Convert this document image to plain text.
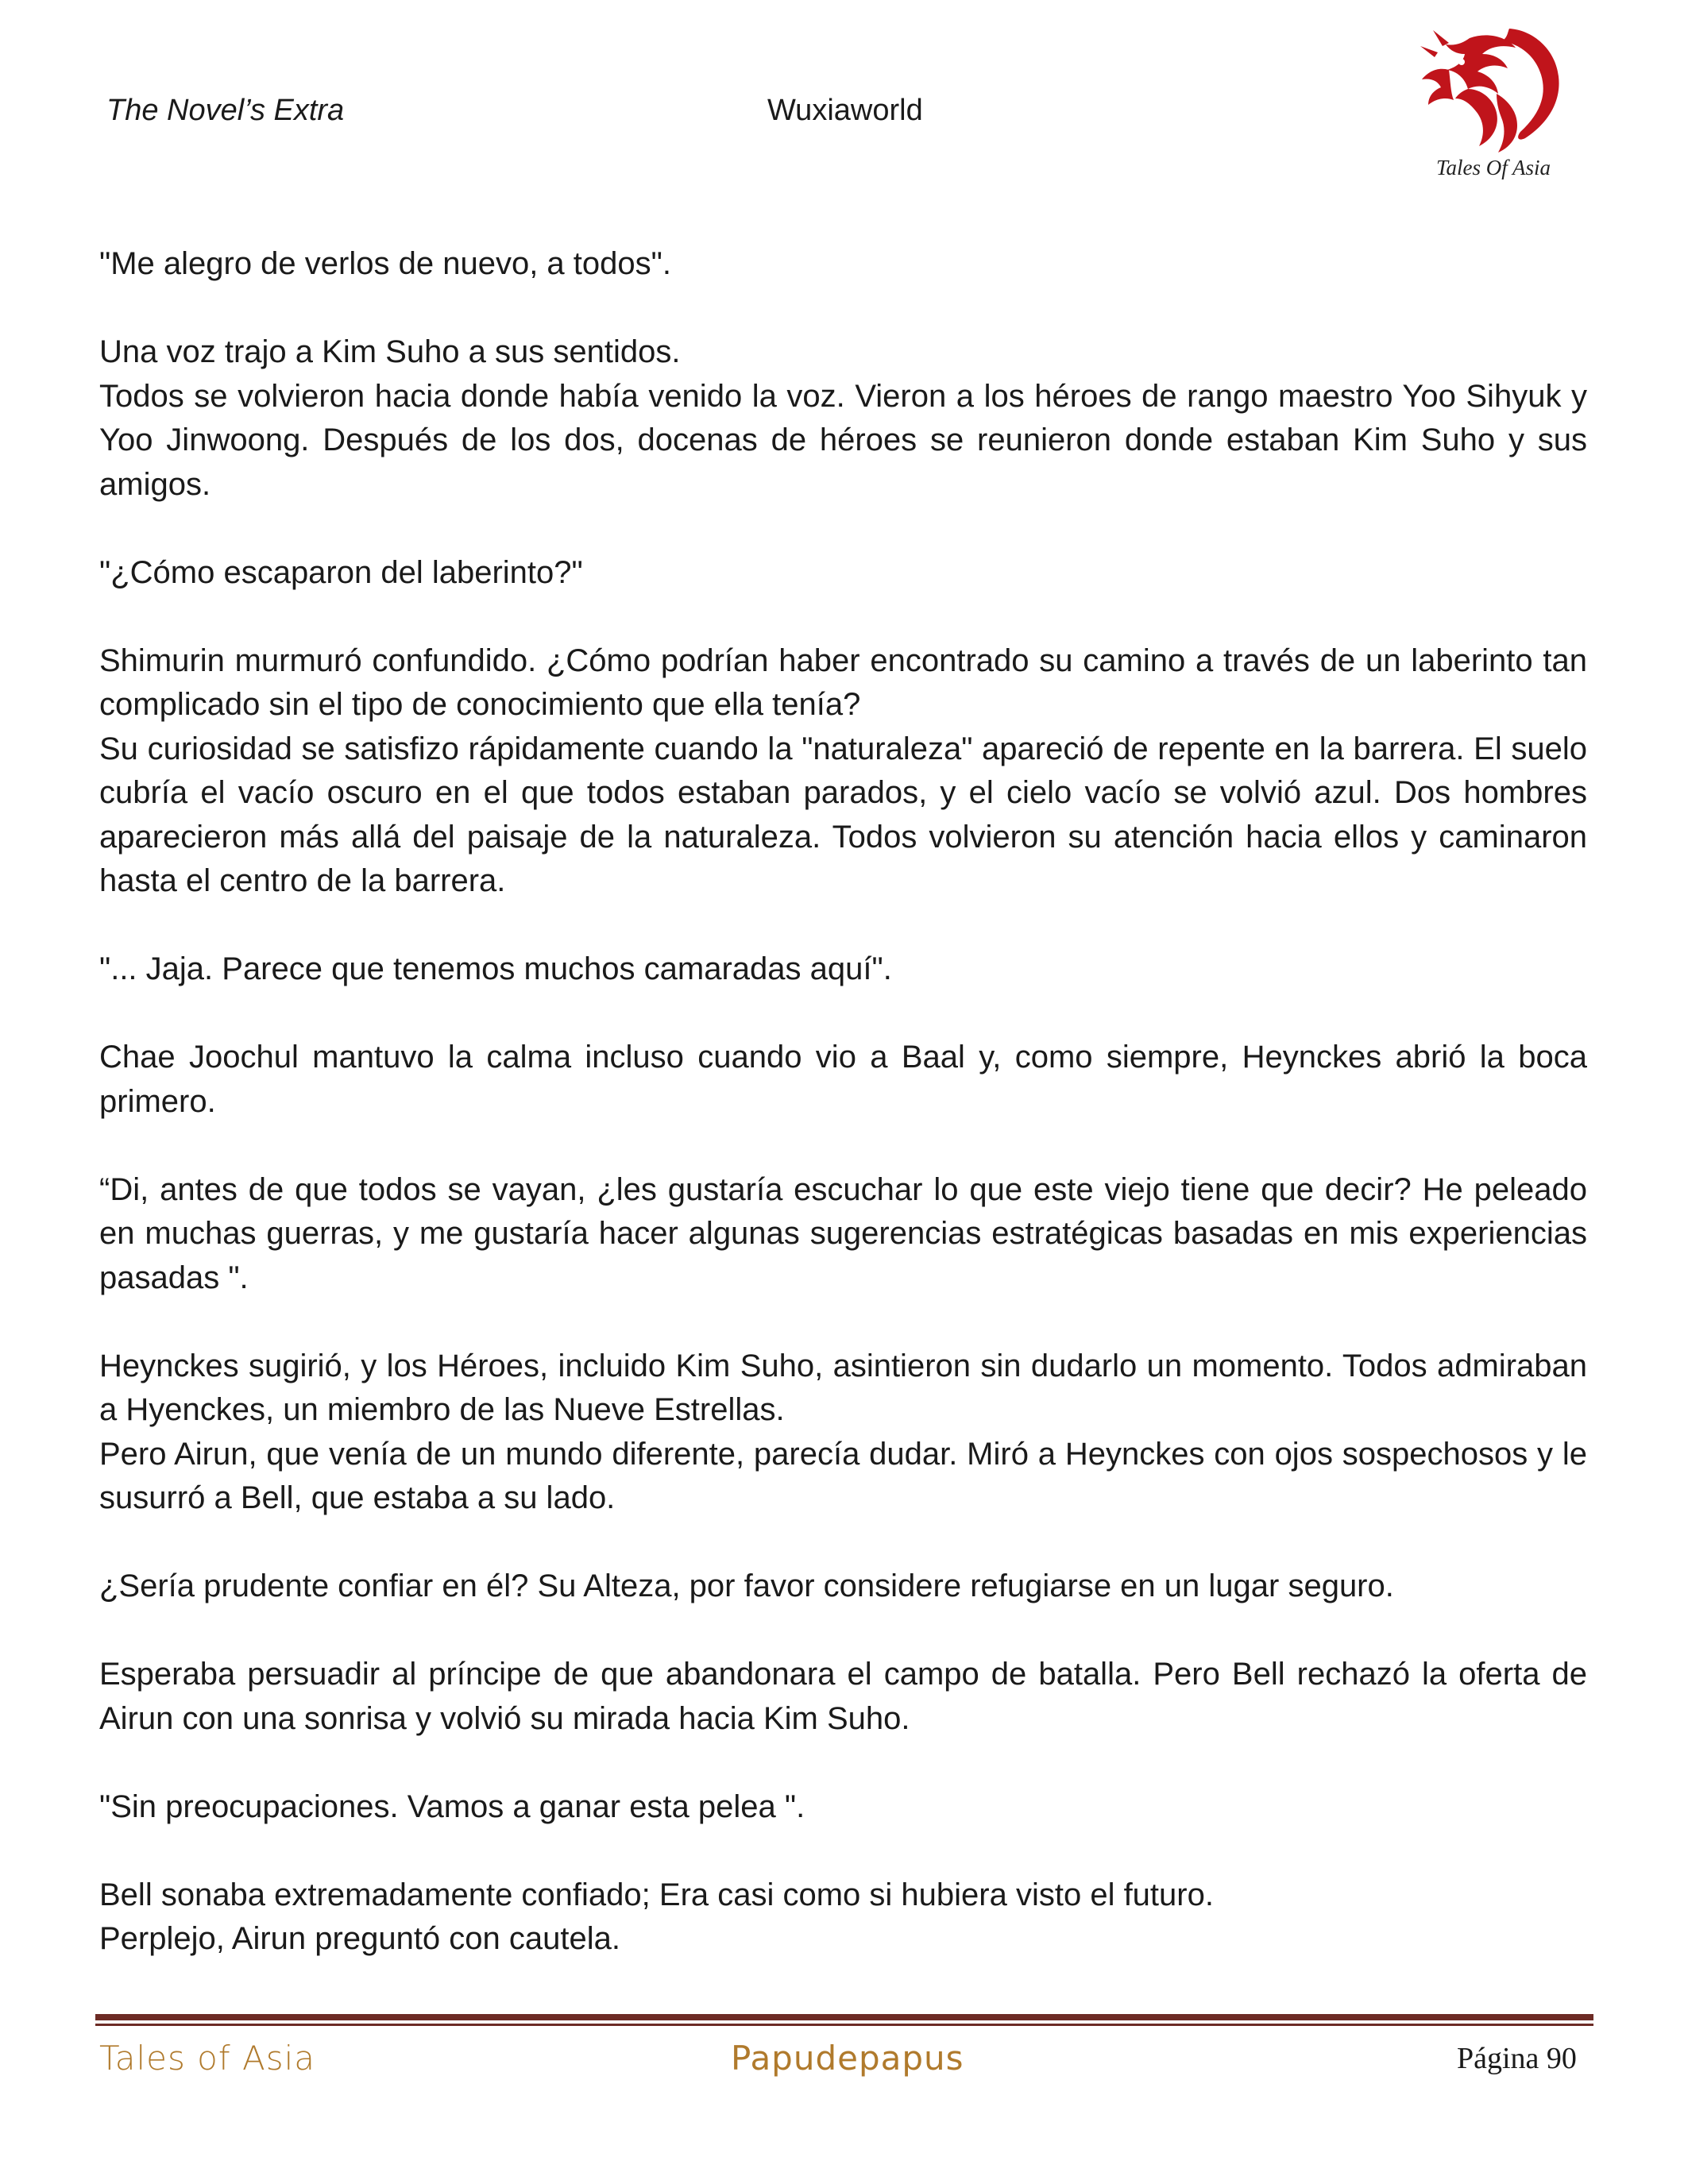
The Novel’s Extra	Wuxiaworld
Tales Of Asia

"Me alegro de verlos de nuevo, a todos".

Una voz trajo a Kim Suho a sus sentidos.

Todos se volvieron hacia donde había venido la voz. Vieron a los héroes de rango maestro Yoo Sihyuk y Yoo Jinwoong. Después de los dos, docenas de héroes se reunieron donde estaban Kim Suho y sus amigos.

"¿Cómo escaparon del laberinto?"

Shimurin murmuró confundido. ¿Cómo podrían haber encontrado su camino a través de un laberinto tan complicado sin el tipo de conocimiento que ella tenía?

Su curiosidad se satisfizo rápidamente cuando la "naturaleza" apareció de repente en la barrera. El suelo cubría el vacío oscuro en el que todos estaban parados, y el cielo vacío se volvió azul. Dos hombres aparecieron más allá del paisaje de la naturaleza. Todos volvieron su atención hacia ellos y caminaron hasta el centro de la barrera.

"... Jaja. Parece que tenemos muchos camaradas aquí".

Chae Joochul mantuvo la calma incluso cuando vio a Baal y, como siempre, Heynckes abrió la boca primero.

“Di, antes de que todos se vayan, ¿les gustaría escuchar lo que este viejo tiene que decir? He peleado en muchas guerras, y me gustaría hacer algunas sugerencias estratégicas basadas en mis experiencias pasadas ".

Heynckes sugirió, y los Héroes, incluido Kim Suho, asintieron sin dudarlo un momento. Todos admiraban a Hyenckes, un miembro de las Nueve Estrellas.

Pero Airun, que venía de un mundo diferente, parecía dudar. Miró a Heynckes con ojos sospechosos y le susurró a Bell, que estaba a su lado.

¿Sería prudente confiar en él? Su Alteza, por favor considere refugiarse en un lugar seguro.

Esperaba persuadir al príncipe de que abandonara el campo de batalla. Pero Bell rechazó la oferta de Airun con una sonrisa y volvió su mirada hacia Kim Suho.

"Sin preocupaciones. Vamos a ganar esta pelea ".

Bell sonaba extremadamente confiado; Era casi como si hubiera visto el futuro.

Perplejo, Airun preguntó con cautela.

Tales of Asia	Papudepapus	Página 90
